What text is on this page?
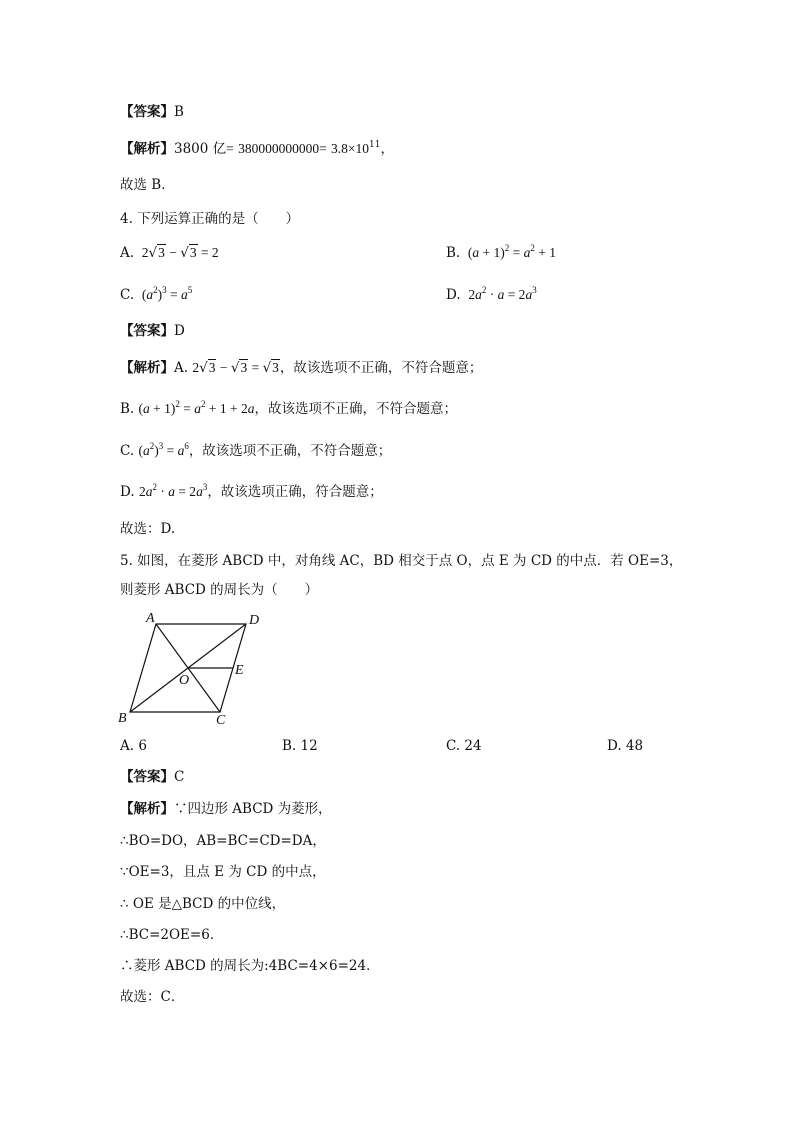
【答案】B
【解析】3800 亿= $380000000000= 3.8\times 10^{11}$，
故选 B．
4. 下列运算正确的是（　　）
A.  2√3 − √3 = 2	B.  $(a + 1)^2 = a^2 + 1$
C.  $(a^2)^3 = a^5$	D.  $2a^2 \cdot a = 2a^3$
【答案】D
【解析】A. 2√3 − √3 = √3，故该选项不正确，不符合题意；
B. $(a + 1)^2 = a^2 + 1 + 2a$，故该选项不正确，不符合题意；
C. $(a^2)^3 = a^6$，故该选项不正确，不符合题意；
D. $2a^2 \cdot a = 2a^3$，故该选项正确，符合题意；
故选：D.
5. 如图，在菱形 ABCD 中，对角线 AC，BD 相交于点 O，点 E 为 CD 的中点．若 OE=3，
则菱形 ABCD 的周长为（　　）
A	D
B	C
O
E
A. 6	B. 12	C. 24	D. 48
【答案】C
【解析】∵四边形 ABCD 为菱形，
∴BO=DO，AB=BC=CD=DA，
∵OE=3，且点 E 为 CD 的中点，
∴ OE 是△BCD 的中位线，
∴BC=2OE=6．
∴菱形 ABCD 的周长为:4BC=4×6=24．
故选：C．
